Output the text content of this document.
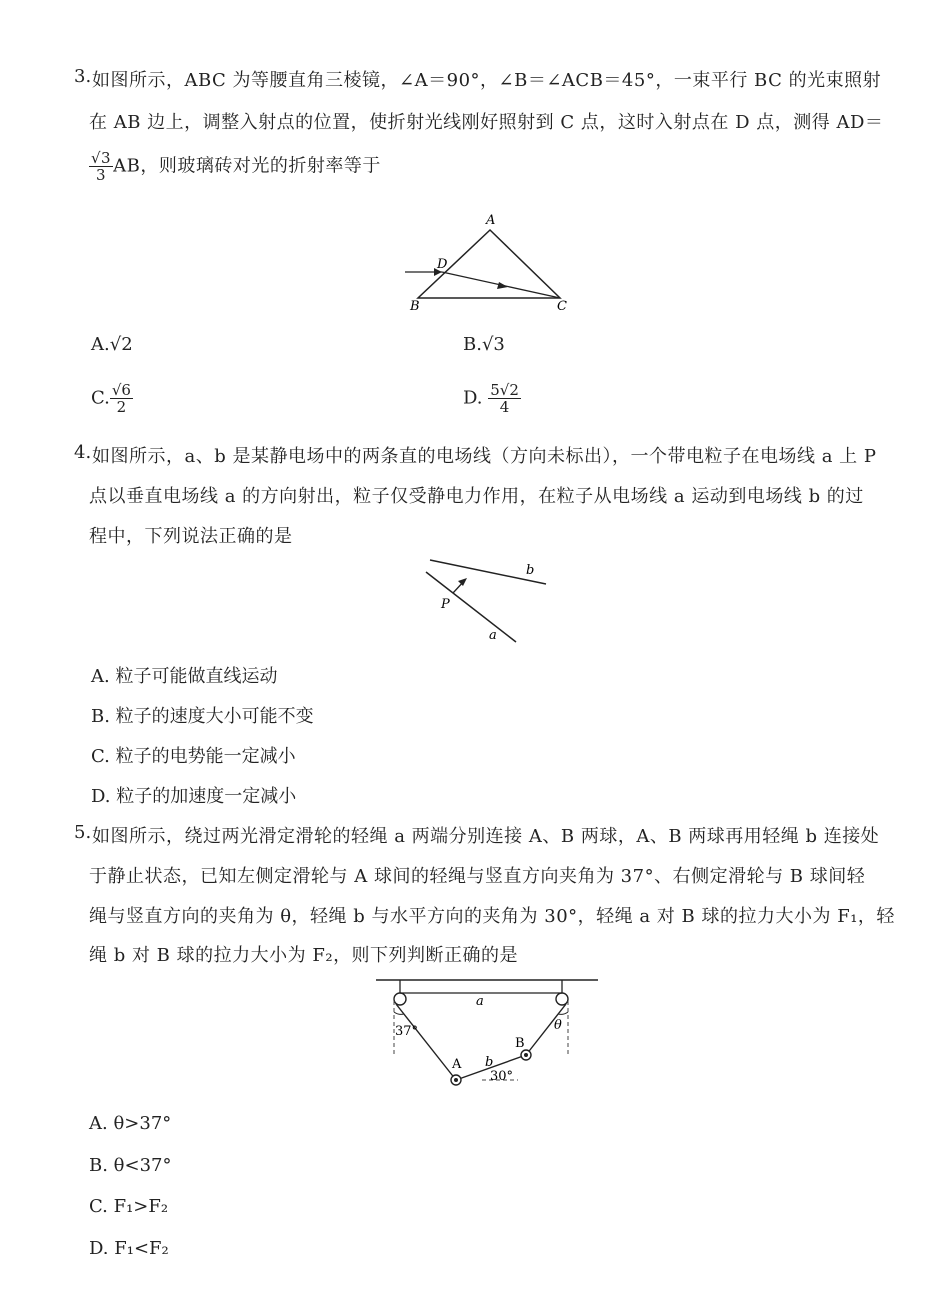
3. 如图所示，ABC 为等腰直角三棱镜，∠A＝90°，∠B＝∠ACB＝45°，一束平行 BC 的光束照射
在 AB 边上，调整入射点的位置，使折射光线刚好照射到 C 点，这时入射点在 D 点，测得 AD＝
$\frac{√3}{3}$ AB，则玻璃砖对光的折射率等于
A
D
B	C
A.√2	B.√3
C. $\frac{√6}{2}$	D. $\frac{5√2}{4}$
4. 如图所示，a、b 是某静电场中的两条直的电场线（方向未标出），一个带电粒子在电场线 a 上 P
点以垂直电场线 a 的方向射出，粒子仅受静电力作用，在粒子从电场线 a 运动到电场线 b 的过
程中，下列说法正确的是
b
P
a
A. 粒子可能做直线运动
B. 粒子的速度大小可能不变
C. 粒子的电势能一定减小
D. 粒子的加速度一定减小
5. 如图所示，绕过两光滑定滑轮的轻绳 a 两端分别连接 A、B 两球，A、B 两球再用轻绳 b 连接处
于静止状态，已知左侧定滑轮与 A 球间的轻绳与竖直方向夹角为 37°、右侧定滑轮与 B 球间轻
绳与竖直方向的夹角为 θ，轻绳 b 与水平方向的夹角为 30°，轻绳 a 对 B 球的拉力大小为 F₁，轻
绳 b 对 B 球的拉力大小为 F₂，则下列判断正确的是
a
37°	θ
A
B
b
30°
A. θ>37°
B. θ<37°
C. F₁>F₂
D. F₁<F₂
